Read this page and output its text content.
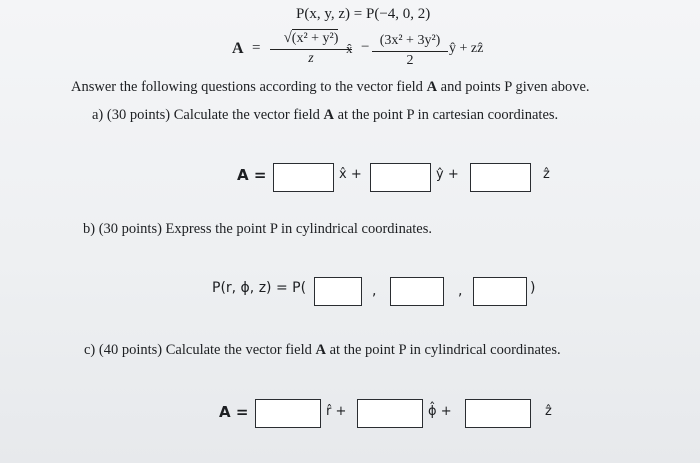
P(x, y, z) = P(−4, 0, 2)
A =
√(x² + y²)
z
x̂ − (3x² + 3y²)
2
ŷ + zẑ
Answer the following questions according to the vector field A and points P given above.
a) (30 points) Calculate the vector field A at the point P in cartesian coordinates.
A =	x̂ +	ŷ +	ẑ
b) (30 points) Express the point P in cylindrical coordinates.
P(r, ϕ, z) = P(	,	,	)
c) (40 points) Calculate the vector field A at the point P in cylindrical coordinates.
A =	r̂ +	ϕ̂ +	ẑ
